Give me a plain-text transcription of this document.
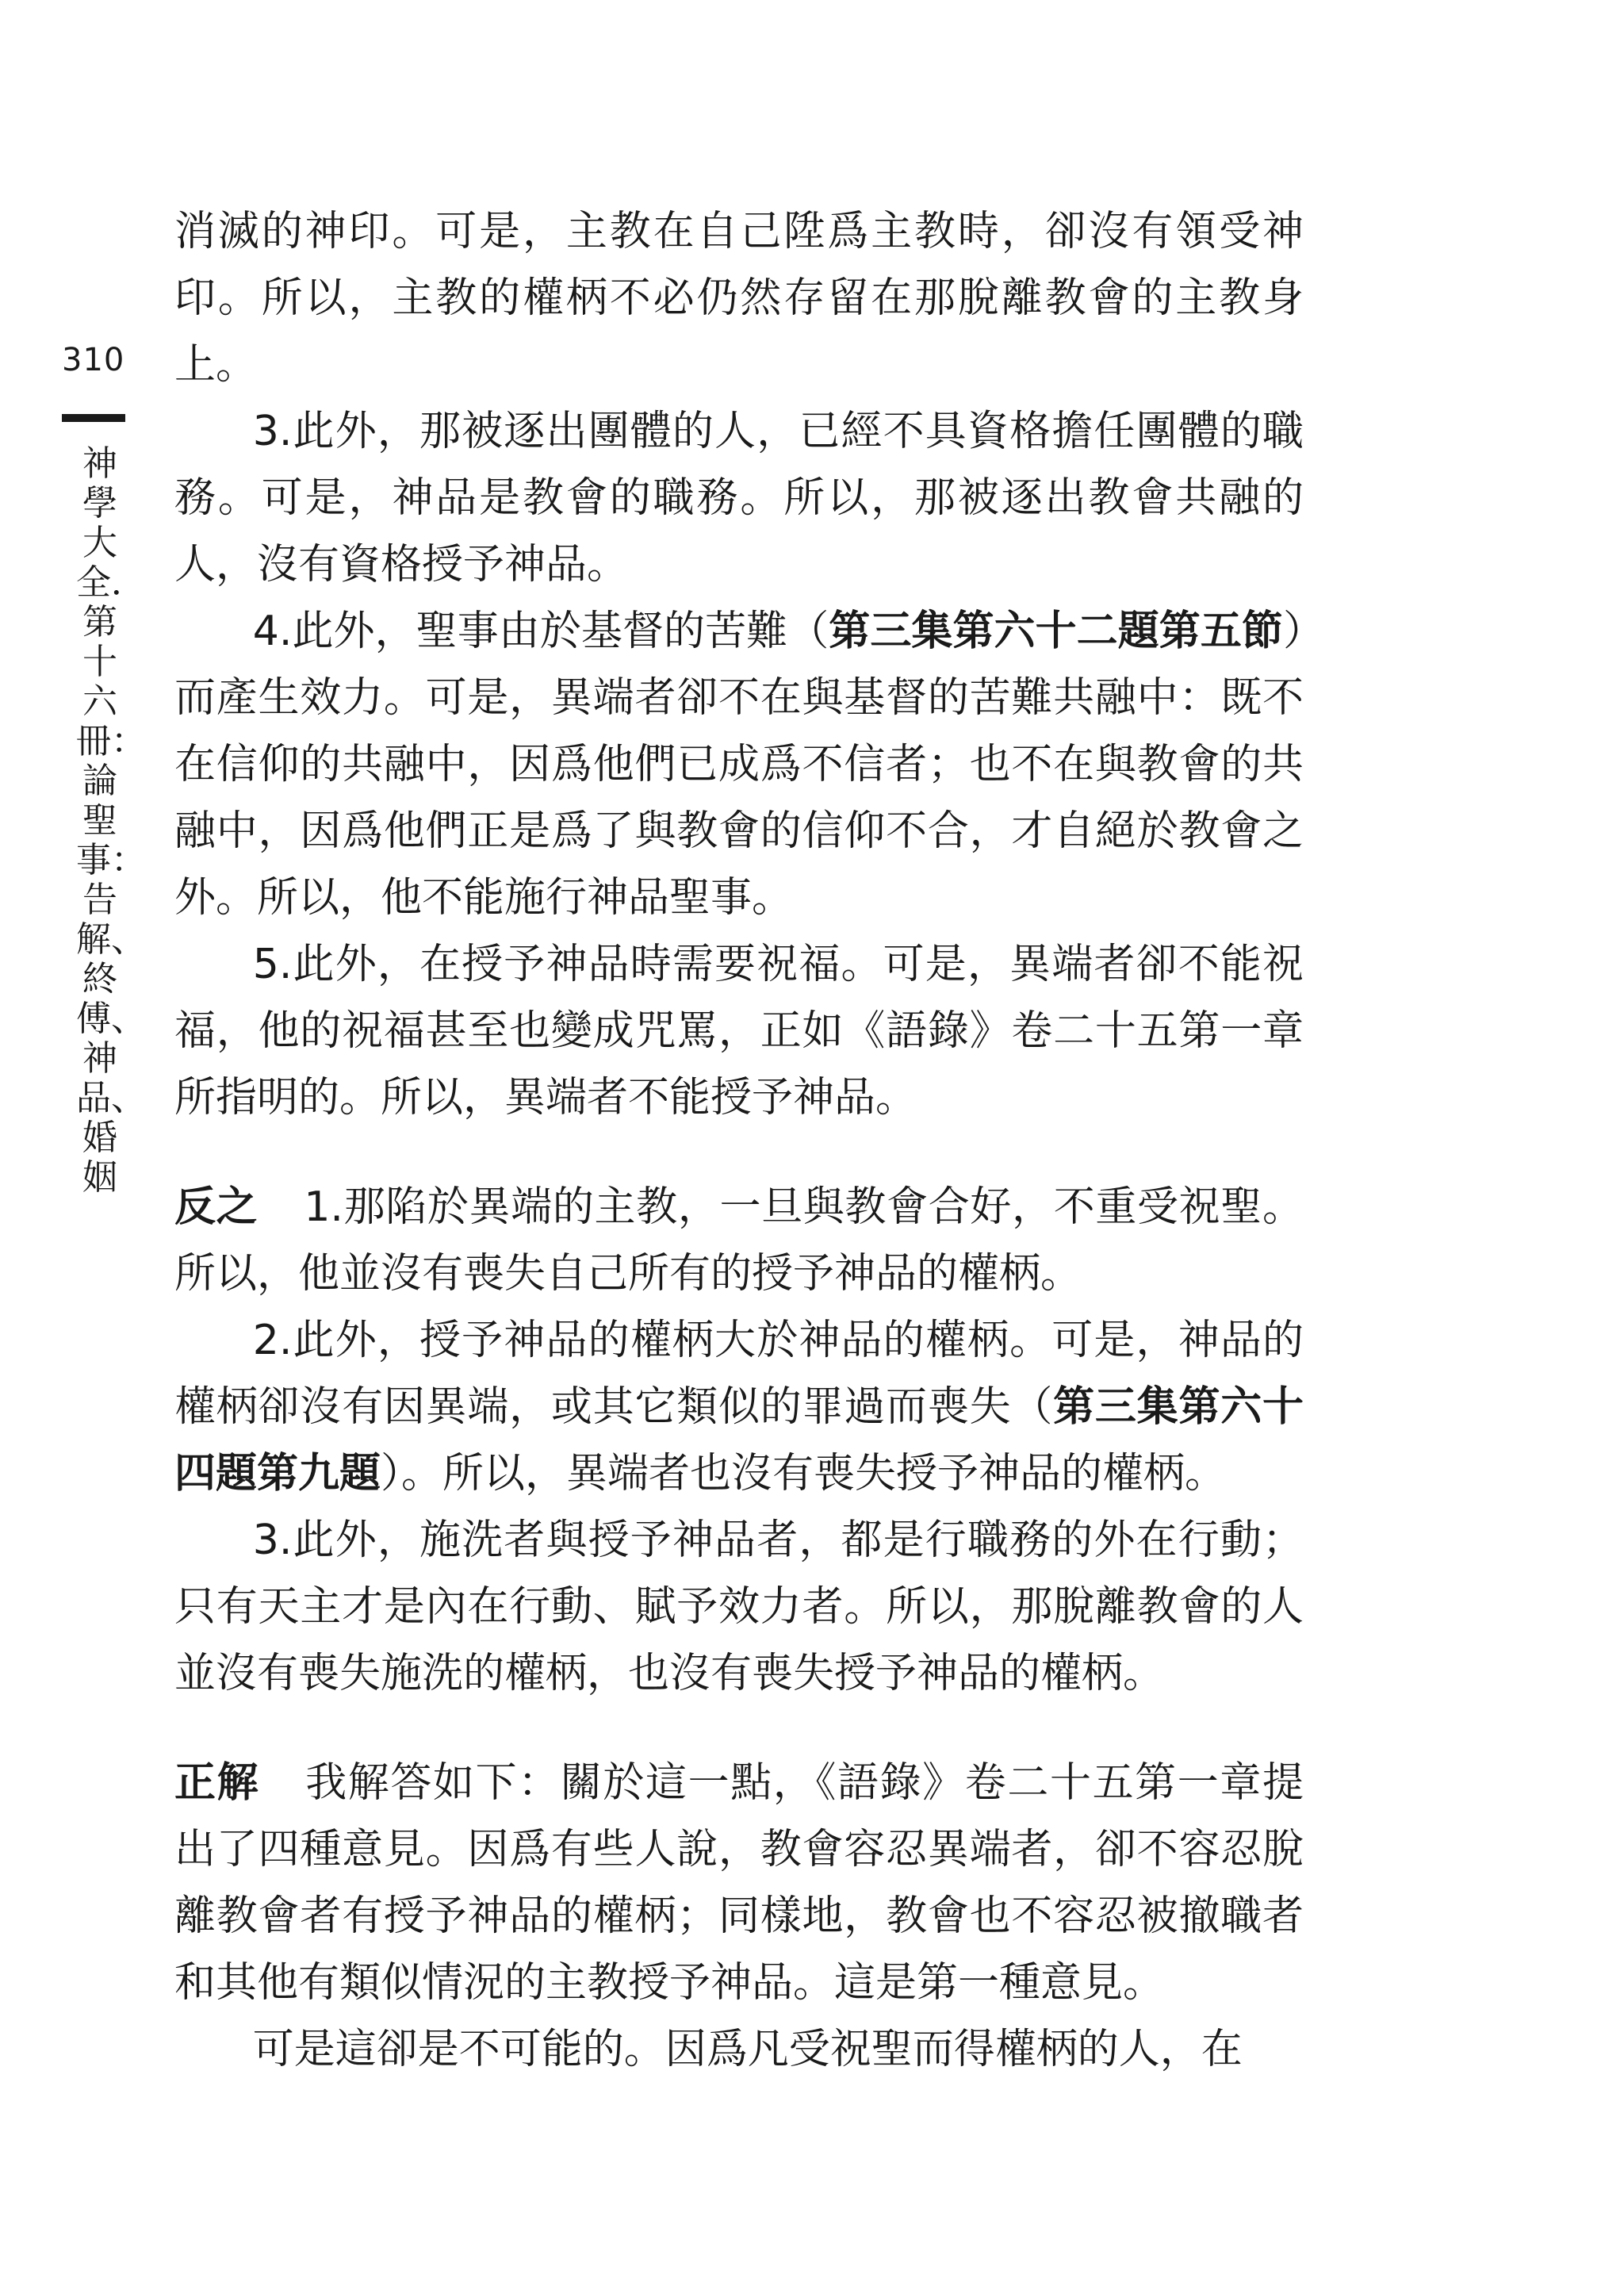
310
神學大全．第十六冊：論聖事：告解、終傅、神品、婚姻

消滅的神印。可是，主教在自己陞爲主教時，卻沒有領受神印。所以，主教的權柄不必仍然存留在那脫離教會的主教身上。

3.此外，那被逐出團體的人，已經不具資格擔任團體的職務。可是，神品是教會的職務。所以，那被逐出教會共融的人，沒有資格授予神品。

4.此外，聖事由於基督的苦難（第三集第六十二題第五節）而產生效力。可是，異端者卻不在與基督的苦難共融中：既不在信仰的共融中，因爲他們已成爲不信者；也不在與教會的共融中，因爲他們正是爲了與教會的信仰不合，才自絕於教會之外。所以，他不能施行神品聖事。

5.此外，在授予神品時需要祝福。可是，異端者卻不能祝福，他的祝福甚至也變成咒罵，正如《語錄》卷二十五第一章所指明的。所以，異端者不能授予神品。

反之 1.那陷於異端的主教，一旦與教會合好，不重受祝聖。所以，他並沒有喪失自己所有的授予神品的權柄。

2.此外，授予神品的權柄大於神品的權柄。可是，神品的權柄卻沒有因異端，或其它類似的罪過而喪失（第三集第六十四題第九題）。所以，異端者也沒有喪失授予神品的權柄。

3.此外，施洗者與授予神品者，都是行職務的外在行動；只有天主才是內在行動、賦予效力者。所以，那脫離教會的人並沒有喪失施洗的權柄，也沒有喪失授予神品的權柄。

正解 我解答如下：關於這一點，《語錄》卷二十五第一章提出了四種意見。因爲有些人說，教會容忍異端者，卻不容忍脫離教會者有授予神品的權柄；同樣地，教會也不容忍被撤職者和其他有類似情況的主教授予神品。這是第一種意見。

可是這卻是不可能的。因爲凡受祝聖而得權柄的人，在
